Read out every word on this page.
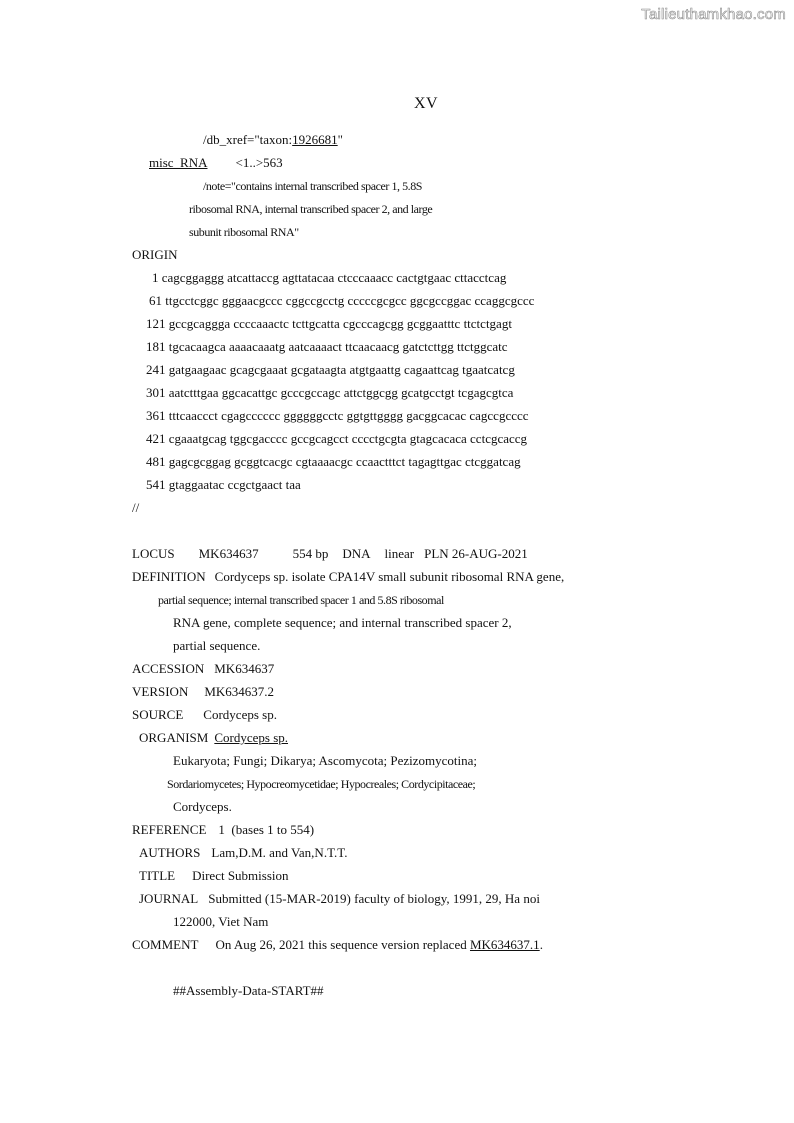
Tailieuthamkhao.com
XV
/db_xref="taxon:1926681"
misc_RNA <1..>563
/note="contains internal transcribed spacer 1, 5.8S
ribosomal RNA, internal transcribed spacer 2, and large
subunit ribosomal RNA"
ORIGIN
1 cagcggaggg atcattaccg agttatacaa ctcccaaacc cactgtgaac cttacctcag
61 ttgcctcggc gggaacgccc cggccgcctg cccccgcgcc ggcgccggac ccaggcgccc
121 gccgcaggga ccccaaactc tcttgcatta cgcccagcgg gcggaatttc ttctctgagt
181 tgcacaagca aaaacaaatg aatcaaaact ttcaacaacg gatctcttgg ttctggcatc
241 gatgaagaac gcagcgaaat gcgataagta atgtgaattg cagaattcag tgaatcatcg
301 aatctttgaa ggcacattgc gcccgccagc attctggcgg gcatgcctgt tcgagcgtca
361 tttcaaccct cgagcccccc ggggggcctc ggtgttgggg gacggcacac cagccgcccc
421 cgaaatgcag tggcgacccc gccgcagcct cccctgcgta gtagcacaca cctcgcaccg
481 gagcgcggag gcggtcacgc cgtaaaacgc ccaactttct tagagttgac ctcggatcag
541 gtaggaatac ccgctgaact taa
//
LOCUS MK634637	554 bp DNA linear PLN 26-AUG-2021
DEFINITION Cordyceps sp. isolate CPA14V small subunit ribosomal RNA gene,
partial sequence; internal transcribed spacer 1 and 5.8S ribosomal
RNA gene, complete sequence; and internal transcribed spacer 2,
partial sequence.
ACCESSION MK634637
VERSION MK634637.2
SOURCE Cordyceps sp.
ORGANISM Cordyceps sp.
Eukaryota; Fungi; Dikarya; Ascomycota; Pezizomycotina;
Sordariomycetes; Hypocreomycetidae; Hypocreales; Cordycipitaceae;
Cordyceps.
REFERENCE 1  (bases 1 to 554)
AUTHORS Lam,D.M. and Van,N.T.T.
TITLE Direct Submission
JOURNAL Submitted (15-MAR-2019) faculty of biology, 1991, 29, Ha noi
122000, Viet Nam
COMMENT On Aug 26, 2021 this sequence version replaced MK634637.1.
##Assembly-Data-START##
